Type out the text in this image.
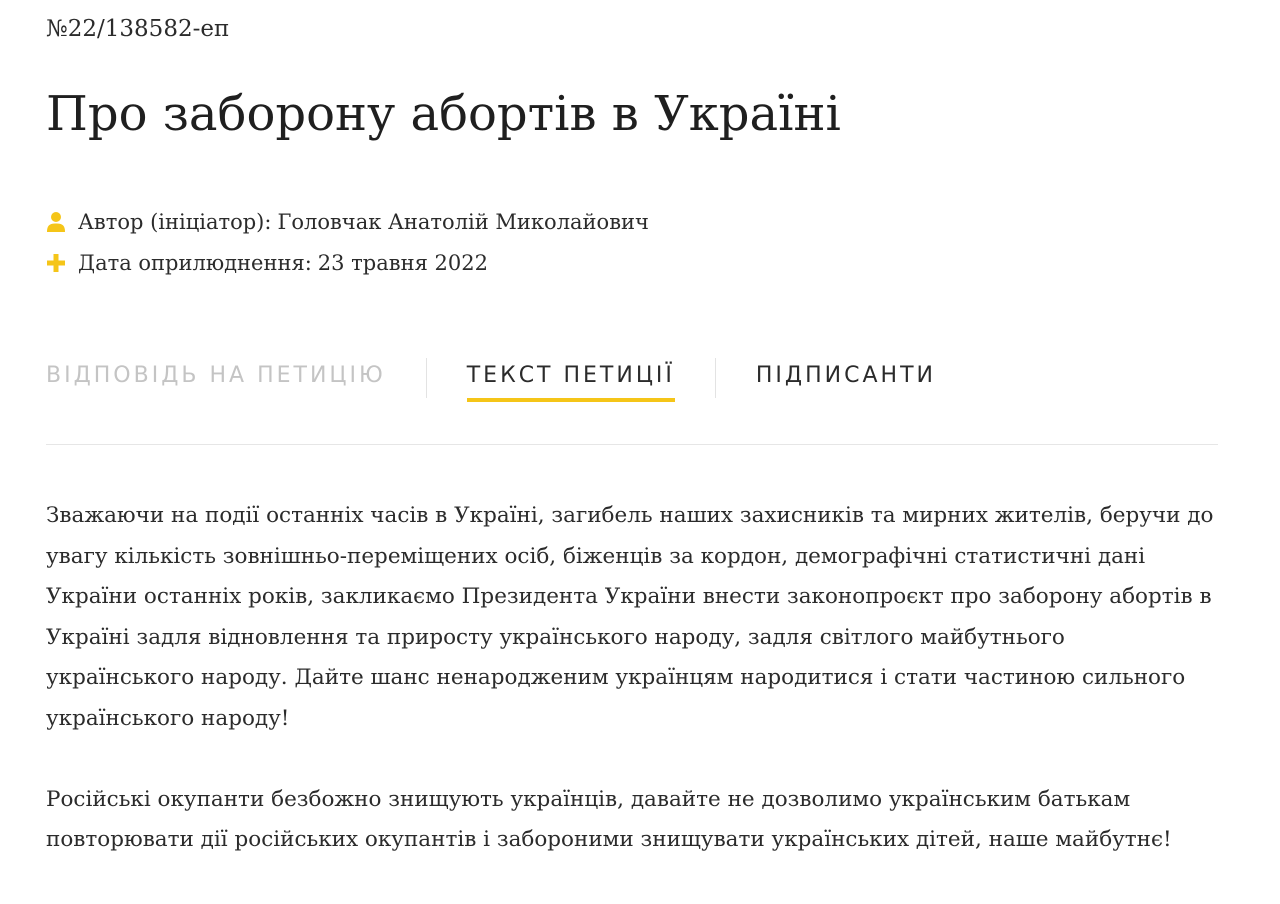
№22/138582-еп
Про заборону абортів в Україні
Автор (ініціатор): Головчак Анатолій Миколайович
Дата оприлюднення: 23 травня 2022
ВІДПОВІДЬ НА ПЕТИЦІЮ	ТЕКСТ ПЕТИЦІЇ	ПІДПИСАНТИ

Зважаючи на події останніх часів в Україні, загибель наших захисників та мирних жителів, беручи до увагу кількість зовнішньо-переміщених осіб, біженців за кордон, демографічні статистичні дані України останніх років, закликаємо Президента України внести законопроєкт про заборону абортів в Україні задля відновлення та приросту українського народу, задля світлого майбутнього українського народу. Дайте шанс ненародженим українцям народитися і стати частиною сильного українського народу!

Російські окупанти безбожно знищують українців, давайте не дозволимо українським батькам повторювати дії російських окупантів і забороними знищувати українських дітей, наше майбутнє!
